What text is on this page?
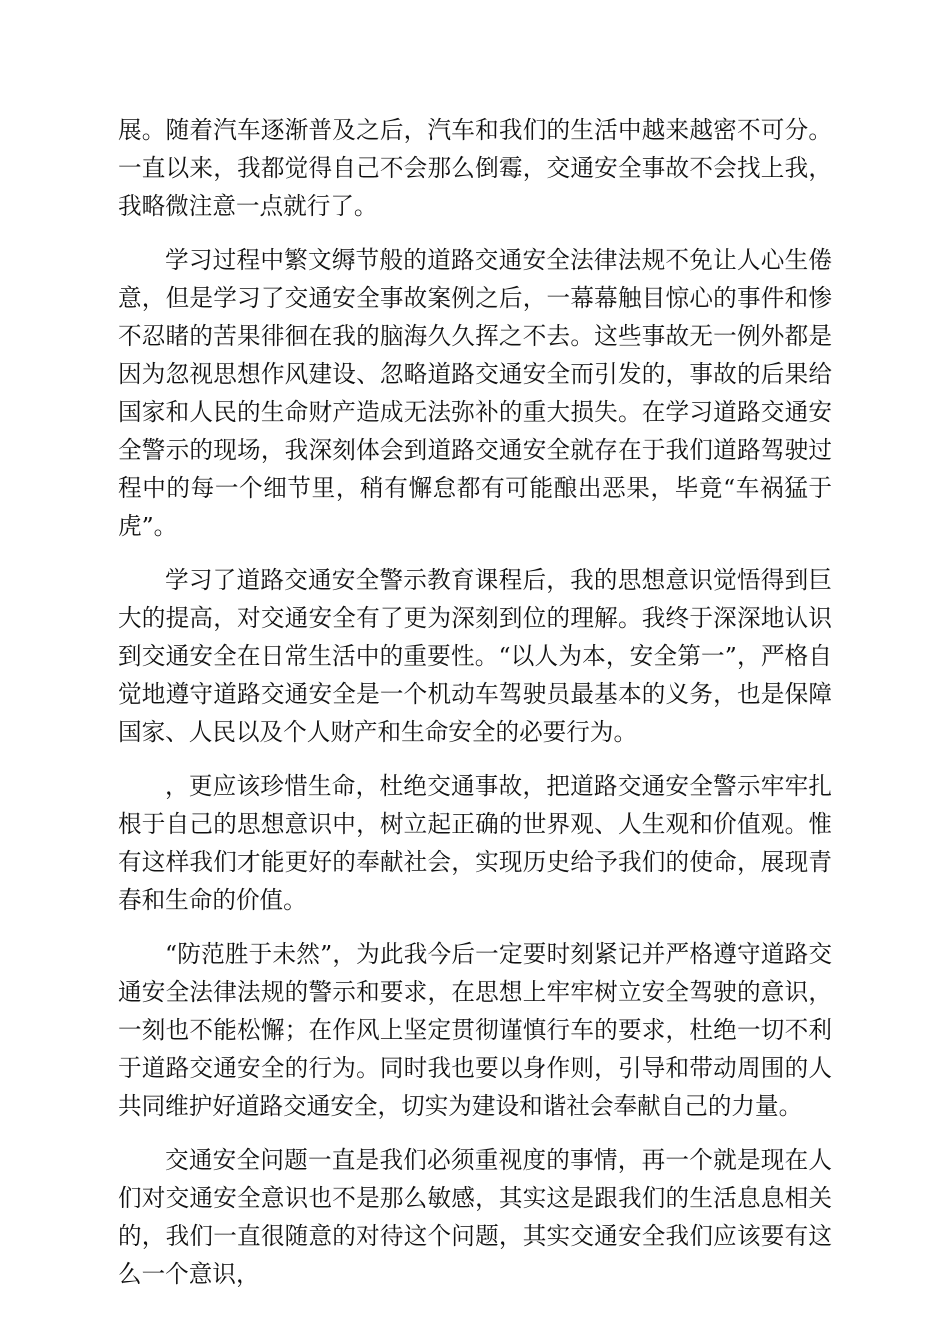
展。随着汽车逐渐普及之后，汽车和我们的生活中越来越密不可分。一直以来，我都觉得自己不会那么倒霉，交通安全事故不会找上我，我略微注意一点就行了。

学习过程中繁文缛节般的道路交通安全法律法规不免让人心生倦意，但是学习了交通安全事故案例之后，一幕幕触目惊心的事件和惨不忍睹的苦果徘徊在我的脑海久久挥之不去。这些事故无一例外都是因为忽视思想作风建设、忽略道路交通安全而引发的，事故的后果给国家和人民的生命财产造成无法弥补的重大损失。在学习道路交通安全警示的现场，我深刻体会到道路交通安全就存在于我们道路驾驶过程中的每一个细节里，稍有懈怠都有可能酿出恶果，毕竟“车祸猛于虎”。

学习了道路交通安全警示教育课程后，我的思想意识觉悟得到巨大的提高，对交通安全有了更为深刻到位的理解。我终于深深地认识到交通安全在日常生活中的重要性。“以人为本，安全第一”，严格自觉地遵守道路交通安全是一个机动车驾驶员最基本的义务，也是保障国家、人民以及个人财产和生命安全的必要行为。

，更应该珍惜生命，杜绝交通事故，把道路交通安全警示牢牢扎根于自己的思想意识中，树立起正确的世界观、人生观和价值观。惟有这样我们才能更好的奉献社会，实现历史给予我们的使命，展现青春和生命的价值。

“防范胜于未然”，为此我今后一定要时刻紧记并严格遵守道路交通安全法律法规的警示和要求，在思想上牢牢树立安全驾驶的意识，一刻也不能松懈；在作风上坚定贯彻谨慎行车的要求，杜绝一切不利于道路交通安全的行为。同时我也要以身作则，引导和带动周围的人共同维护好道路交通安全，切实为建设和谐社会奉献自己的力量。

交通安全问题一直是我们必须重视度的事情，再一个就是现在人们对交通安全意识也不是那么敏感，其实这是跟我们的生活息息相关的，我们一直很随意的对待这个问题，其实交通安全我们应该要有这么一个意识，
